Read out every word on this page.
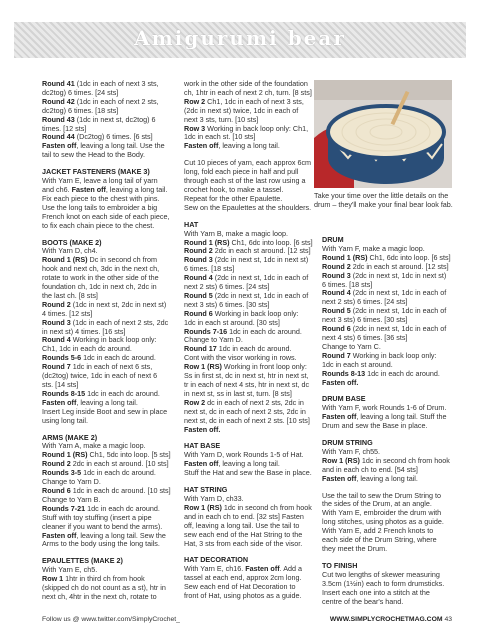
Amigurumi bear
Round 41 (1dc in each of next 3 sts,
dc2tog) 6 times. [24 sts]
Round 42 (1dc in each of next 2 sts,
dc2tog) 6 times. [18 sts]
Round 43 (1dc in next st, dc2tog) 6
times. [12 sts]
Round 44 (Dc2tog) 6 times. [6 sts]
Fasten off, leaving a long tail. Use the
tail to sew the Head to the Body.
JACKET FASTENERS (MAKE 3)
With Yarn E, leave a long tail of yarn
and ch6. Fasten off, leaving a long tail.
Fix each piece to the chest with pins.
Use the long tails to embroider a big
French knot on each side of each piece,
to fix each chain piece to the chest.
BOOTS (MAKE 2)
With Yarn D, ch4.
Round 1 (RS) Dc in second ch from
hook and next ch, 3dc in the next ch,
rotate to work in the other side of the
foundation ch, 1dc in next ch, 2dc in
the last ch. [8 sts]
Round 2 (1dc in next st, 2dc in next st)
4 times. [12 sts]
Round 3 (1dc in each of next 2 sts, 2dc
in next st) 4 times. [16 sts]
Round 4 Working in back loop only:
Ch1, 1dc in each dc around.
Rounds 5-6 1dc in each dc around.
Round 7 1dc in each of next 6 sts,
(dc2tog) twice, 1dc in each of next 6
sts. [14 sts]
Rounds 8-15 1dc in each dc around.
Fasten off, leaving a long tail.
Insert Leg inside Boot and sew in place
using long tail.
ARMS (MAKE 2)
With Yarn A, make a magic loop.
Round 1 (RS) Ch1, 5dc into loop. [5 sts]
Round 2 2dc in each st around. [10 sts]
Rounds 3-5 1dc in each dc around.
Change to Yarn D.
Round 6 1dc in each dc around. [10 sts]
Change to Yarn B.
Rounds 7-21 1dc in each dc around.
Stuff with toy stuffing (insert a pipe
cleaner if you want to bend the arms).
Fasten off, leaving a long tail. Sew the
Arms to the body using the long tails.
EPAULETTES (MAKE 2)
With Yarn E, ch5.
Row 1 1htr in third ch from hook
(skipped ch do not count as a st), htr in
next ch, 4htr in the next ch, rotate to
work in the other side of the foundation
ch, 1htr in each of next 2 ch, turn. [8 sts]
Row 2 Ch1, 1dc in each of next 3 sts,
(2dc in next st) twice, 1dc in each of
next 3 sts, turn. [10 sts]
Row 3 Working in back loop only: Ch1,
1dc in each st. [10 sts]
Fasten off, leaving a long tail.
Cut 10 pieces of yarn, each approx 6cm
long, fold each piece in half and pull
through each st of the last row using a
crochet hook, to make a tassel.
Repeat for the other Epaulette.
Sew on the Epaulettes at the shoulders.
HAT
With Yarn B, make a magic loop.
Round 1 (RS) Ch1, 6dc into loop. [6 sts]
Round 2 2dc in each st around. [12 sts]
Round 3 (2dc in next st, 1dc in next st)
6 times. [18 sts]
Round 4 (2dc in next st, 1dc in each of
next 2 sts) 6 times. [24 sts]
Round 5 (2dc in next st, 1dc in each of
next 3 sts) 6 times. [30 sts]
Round 6 Working in back loop only:
1dc in each st around. [30 sts]
Rounds 7-16 1dc in each dc around.
Change to Yarn D.
Round 17 1dc in each dc around.
Cont with the visor working in rows.
Row 1 (RS) Working in front loop only:
Ss in first st, dc in next st, htr in next st,
tr in each of next 4 sts, htr in next st, dc
in next st, ss in last st, turn. [8 sts]
Row 2 dc in each of next 2 sts, 2dc in
next st, dc in each of next 2 sts, 2dc in
next st, dc in each of next 2 sts. [10 sts]
Fasten off.
HAT BASE
With Yarn D, work Rounds 1-5 of Hat.
Fasten off, leaving a long tail.
Stuff the Hat and sew the Base in place.
HAT STRING
With Yarn D, ch33.
Row 1 (RS) 1dc in second ch from hook
and in each ch to end. [32 sts] Fasten
off, leaving a long tail. Use the tail to
sew each end of the Hat String to the
Hat, 3 sts from each side of the visor.
HAT DECORATION
With Yarn E, ch16. Fasten off. Add a
tassel at each end, approx 2cm long.
Sew each end of Hat Decoration to
front of Hat, using photos as a guide.
Take your time over the little details on the
drum – they'll make your final bear look fab.
DRUM
With Yarn F, make a magic loop.
Round 1 (RS) Ch1, 6dc into loop. [6 sts]
Round 2 2dc in each st around. [12 sts]
Round 3 (2dc in next st, 1dc in next st)
6 times. [18 sts]
Round 4 (2dc in next st, 1dc in each of
next 2 sts) 6 times. [24 sts]
Round 5 (2dc in next st, 1dc in each of
next 3 sts) 6 times. [30 sts]
Round 6 (2dc in next st, 1dc in each of
next 4 sts) 6 times. [36 sts]
Change to Yarn C.
Round 7 Working in back loop only:
1dc in each st around.
Rounds 8-13 1dc in each dc around.
Fasten off.
DRUM BASE
With Yarn F, work Rounds 1-6 of Drum.
Fasten off, leaving a long tail. Stuff the
Drum and sew the Base in place.
DRUM STRING
With Yarn F, ch55.
Row 1 (RS) 1dc in second ch from hook
and in each ch to end. [54 sts]
Fasten off, leaving a long tail.
Use the tail to sew the Drum String to
the sides of the Drum, at an angle.
With Yarn E, embroider the drum with
long stitches, using photos as a guide.
With Yarn E, add 2 French knots to
each side of the Drum String, where
they meet the Drum.
TO FINISH
Cut two lengths of skewer measuring
3.5cm (1½in) each to form drumsticks.
Insert each one into a stitch at the
centre of the bear's hand.
Follow us @ www.twitter.com/SimplyCrochet_	WWW.SIMPLYCROCHETMAG.COM 43
